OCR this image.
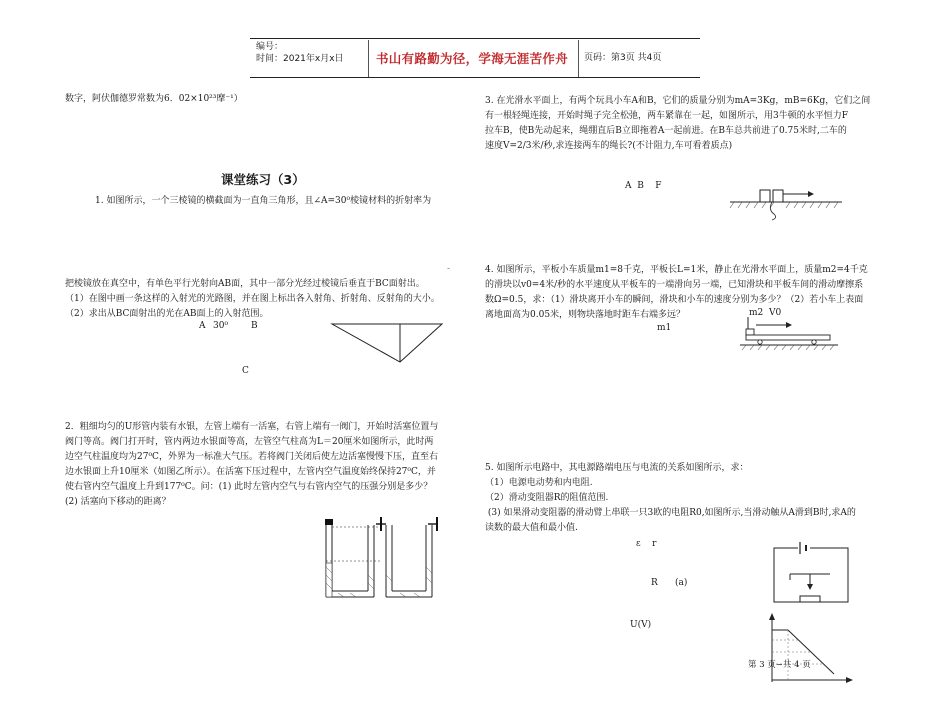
编号：
时间：2021年x月x日	书山有路勤为径，学海无涯苦作舟 页码：第3页 共4页
数字，阿伏伽德罗常数为6．02×10²³摩⁻¹）
课堂练习（3）
1. 如图所示，一个三棱镜的横截面为一直角三角形，且∠A=30⁰棱镜材料的折射率为
-
把棱镜放在真空中，有单色平行光射向AB面，其中一部分光经过棱镜后垂直于BC面射出。
（1）在图中画一条这样的入射光的光路图，并在图上标出各入射角、折射角、反射角的大小。
（2）求出从BC面射出的光在AB面上的入射范围。
A 30⁰	B
C
2．粗细均匀的U形管内装有水银，左管上端有一活塞，右管上端有一阀门，开始时活塞位置与
阀门等高。阀门打开时，管内两边水银面等高，左管空气柱高为L＝20厘米如图所示，此时两
边空气柱温度均为27⁰C，外界为一标准大气压。若将阀门关闭后使左边活塞慢慢下压，直至右
边水银面上升10厘米（如图乙所示）。在活塞下压过程中，左管内空气温度始终保持27⁰C，并
使右管内空气温度上升到177⁰C。问：(1) 此时左管内空气与右管内空气的压强分别是多少？
(2) 活塞向下移动的距离？
3. 在光滑水平面上，有两个玩具小车A和B，它们的质量分别为mA=3Kg，mB=6Kg，它们之间
有一根轻绳连接，开始时绳子完全松弛，两车紧靠在一起，如图所示，用3牛顿的水平恒力F
拉车B，使B先动起来，绳绷直后B立即拖着A一起前进。在B车总共前进了0.75米时,二车的
速度V=2/3米/秒,求连接两车的绳长?(不计阻力,车可看着质点)
A  B    F
4. 如图所示，平板小车质量m1=8千克，平板长L=1米，静止在光滑水平面上，质量m2=4千克
的滑块以v0=4米/秒的水平速度从平板车的一端滑向另一端，已知滑块和平板车间的滑动摩擦系
数Ω=0.5，求：（1）滑块离开小车的瞬间，滑块和小车的速度分别为多少？（2）若小车上表面
离地面高为0.05米，则物块落地时距车右端多远？	m2 V0
m1
5. 如图所示电路中，其电源路端电压与电流的关系如图所示，求：
（1）电源电动势和内电阻.
（2）滑动变阻器R的阻值范围.
(3) 如果滑动变阻器的滑动臂上串联一只3欧的电阻R0,如图所示,当滑动触从A滑到B时,求A的
读数的最大值和最小值.
ε    r
R      (a)
U(V)
第 3 页~共 4 页
